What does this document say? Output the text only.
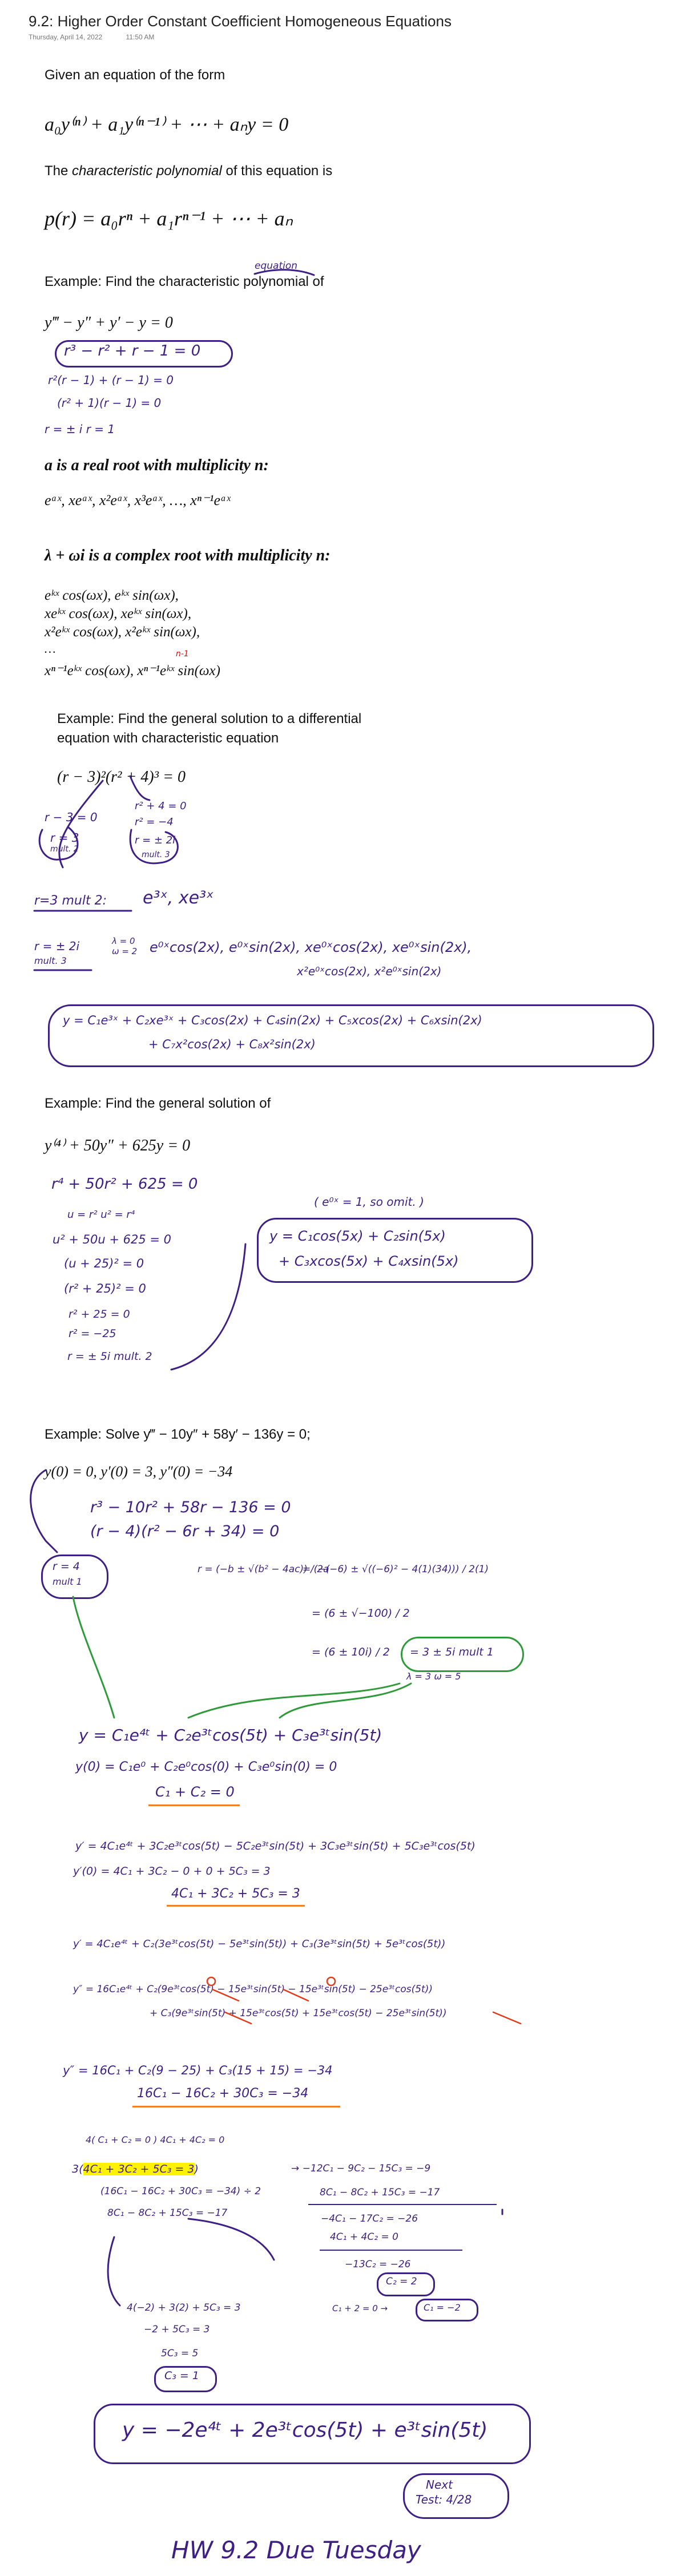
9.2: Higher Order Constant Coefficient Homogeneous Equations
Thursday, April 14, 2022	11:50 AM
Given an equation of the form
a₀y⁽ⁿ⁾ + a₁y⁽ⁿ⁻¹⁾ + ⋯ + aₙy = 0
The characteristic polynomial of this equation is
p(r) = a₀rⁿ + a₁rⁿ⁻¹ + ⋯ + aₙ
Example: Find the characteristic polynomial of
equation
y‴ − y″ + y′ − y = 0
r³ − r² + r − 1 = 0
r²(r − 1) + (r − 1) = 0
(r² + 1)(r − 1) = 0
r = ± i r = 1
a is a real root with multiplicity n:
eᵃˣ, xeᵃˣ, x²eᵃˣ, x³eᵃˣ, …, xⁿ⁻¹eᵃˣ
λ + ωi is a complex root with multiplicity n:
eᵏˣ cos(ωx), eᵏˣ sin(ωx),
xeᵏˣ cos(ωx), xeᵏˣ sin(ωx),
x²eᵏˣ cos(ωx), x²eᵏˣ sin(ωx),
…
xⁿ⁻¹eᵏˣ cos(ωx), xⁿ⁻¹eᵏˣ sin(ωx)
n-1
Example: Find the general solution to a differential
equation with characteristic equation
(r − 3)²(r² + 4)³ = 0
r − 3 = 0
r = 3
mult. 2
r² + 4 = 0
r² = −4
r = ± 2i
mult. 3
r=3 mult 2: e³ˣ, xe³ˣ
r = ± 2i
mult. 3
λ = 0
ω = 2 e⁰ˣcos(2x), e⁰ˣsin(2x), xe⁰ˣcos(2x), xe⁰ˣsin(2x),
x²e⁰ˣcos(2x), x²e⁰ˣsin(2x)
y = C₁e³ˣ + C₂xe³ˣ + C₃cos(2x) + C₄sin(2x) + C₅xcos(2x) + C₆xsin(2x)
+ C₇x²cos(2x) + C₈x²sin(2x)
Example: Find the general solution of
y⁽⁴⁾ + 50y″ + 625y = 0
r⁴ + 50r² + 625 = 0
u = r² u² = r⁴
u² + 50u + 625 = 0
(u + 25)² = 0
(r² + 25)² = 0
r² + 25 = 0
r² = −25
r = ± 5i mult. 2
( e⁰ˣ = 1, so omit. )
y = C₁cos(5x) + C₂sin(5x)
+ C₃xcos(5x) + C₄xsin(5x)
Example: Solve y‴ − 10y″ + 58y′ − 136y = 0;
y(0) = 0, y′(0) = 3, y″(0) = −34
r³ − 10r² + 58r − 136 = 0
(r − 4)(r² − 6r + 34) = 0
r = 4
mult 1
r = (−b ± √(b² − 4ac)) / 2a
= (−(−6) ± √((−6)² − 4(1)(34))) / 2(1)
= (6 ± √−100) / 2
= (6 ± 10i) / 2 = 3 ± 5i mult 1
λ = 3 ω = 5
y = C₁e⁴ᵗ + C₂e³ᵗcos(5t) + C₃e³ᵗsin(5t)
y(0) = C₁e⁰ + C₂e⁰cos(0) + C₃e⁰sin(0) = 0
C₁ + C₂ = 0
y′ = 4C₁e⁴ᵗ + 3C₂e³ᵗcos(5t) − 5C₂e³ᵗsin(5t) + 3C₃e³ᵗsin(5t) + 5C₃e³ᵗcos(5t)
y′(0) = 4C₁ + 3C₂ − 0 + 0 + 5C₃ = 3
4C₁ + 3C₂ + 5C₃ = 3
y′ = 4C₁e⁴ᵗ + C₂(3e³ᵗcos(5t) − 5e³ᵗsin(5t)) + C₃(3e³ᵗsin(5t) + 5e³ᵗcos(5t))
y″ = 16C₁e⁴ᵗ + C₂(9e³ᵗcos(5t) − 15e³ᵗsin(5t) − 15e³ᵗsin(5t) − 25e³ᵗcos(5t))
+ C₃(9e³ᵗsin(5t) + 15e³ᵗcos(5t) + 15e³ᵗcos(5t) − 25e³ᵗsin(5t))
y″ = 16C₁ + C₂(9 − 25) + C₃(15 + 15) = −34
16C₁ − 16C₂ + 30C₃ = −34
4( C₁ + C₂ = 0 ) 4C₁ + 4C₂ = 0
3(4C₁ + 3C₂ + 5C₃ = 3)
(16C₁ − 16C₂ + 30C₃ = −34) ÷ 2
8C₁ − 8C₂ + 15C₃ = −17
→ −12C₁ − 9C₂ − 15C₃ = −9
8C₁ − 8C₂ + 15C₃ = −17
−4C₁ − 17C₂ = −26
4C₁ + 4C₂ = 0
−13C₂ = −26
C₂ = 2
C₁ + 2 = 0 →	C₁ = −2
4(−2) + 3(2) + 5C₃ = 3
−2 + 5C₃ = 3
5C₃ = 5
C₃ = 1
y = −2e⁴ᵗ + 2e³ᵗcos(5t) + e³ᵗsin(5t)
Next
Test: 4/28
HW 9.2 Due Tuesday
